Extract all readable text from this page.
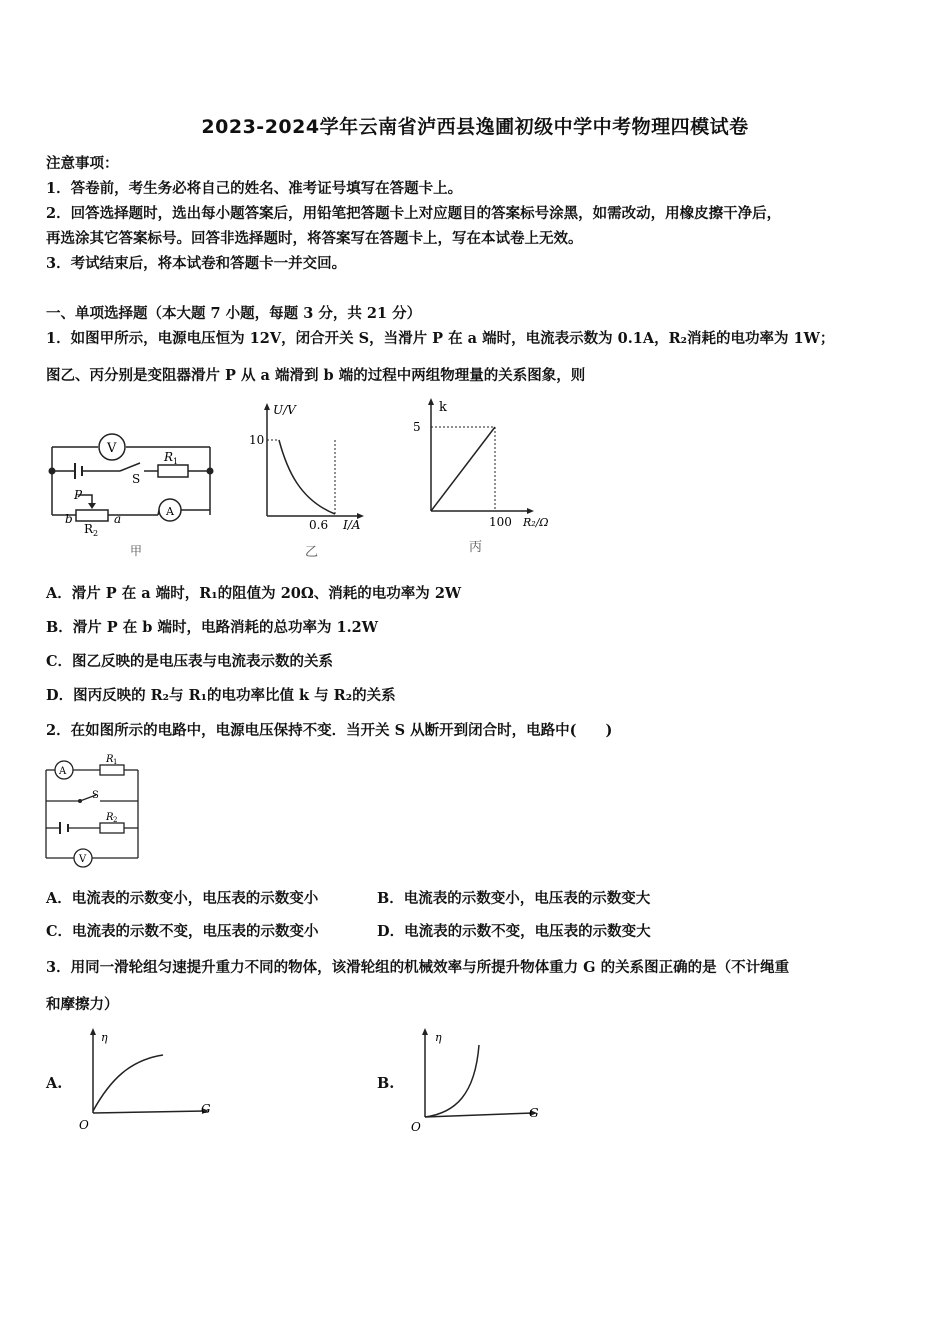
2023-2024学年云南省泸西县逸圃初级中学中考物理四模试卷
注意事项：
1．答卷前，考生务必将自己的姓名、准考证号填写在答题卡上。
2．回答选择题时，选出每小题答案后，用铅笔把答题卡上对应题目的答案标号涂黑，如需改动，用橡皮擦干净后，
再选涂其它答案标号。回答非选择题时，将答案写在答题卡上，写在本试卷上无效。
3．考试结束后，将本试卷和答题卡一并交回。
一、单项选择题（本大题 7 小题，每题 3 分，共 21 分）
1．如图甲所示，电源电压恒为 12V，闭合开关 S，当滑片 P 在 a 端时，电流表示数为 0.1A，R₂消耗的电功率为 1W；
图乙、丙分别是变阻器滑片 P 从 a 端滑到 b 端的过程中两组物理量的关系图象，则
V
A
R 1
S
P
b	a
R 2
甲
U/V
10
0.6 I/A
乙
k
5
100 R₂/Ω
丙
A．滑片 P 在 a 端时，R₁的阻值为 20Ω、消耗的电功率为 2W
B．滑片 P 在 b 端时，电路消耗的总功率为 1.2W
C．图乙反映的是电压表与电流表示数的关系
D．图丙反映的 R₂与 R₁的电功率比值 k 与 R₂的关系
2．在如图所示的电路中，电源电压保持不变．当开关 S 从断开到闭合时，电路中(　　)
A
V
R 1
S
R 2
A．电流表的示数变小，电压表的示数变小	B．电流表的示数变小，电压表的示数变大
C．电流表的示数不变，电压表的示数变小	D．电流表的示数不变，电压表的示数变大
3．用同一滑轮组匀速提升重力不同的物体，该滑轮组的机械效率与所提升物体重力 G 的关系图正确的是（不计绳重
和摩擦力）
A.
η
G
O
B.
η
G
O
